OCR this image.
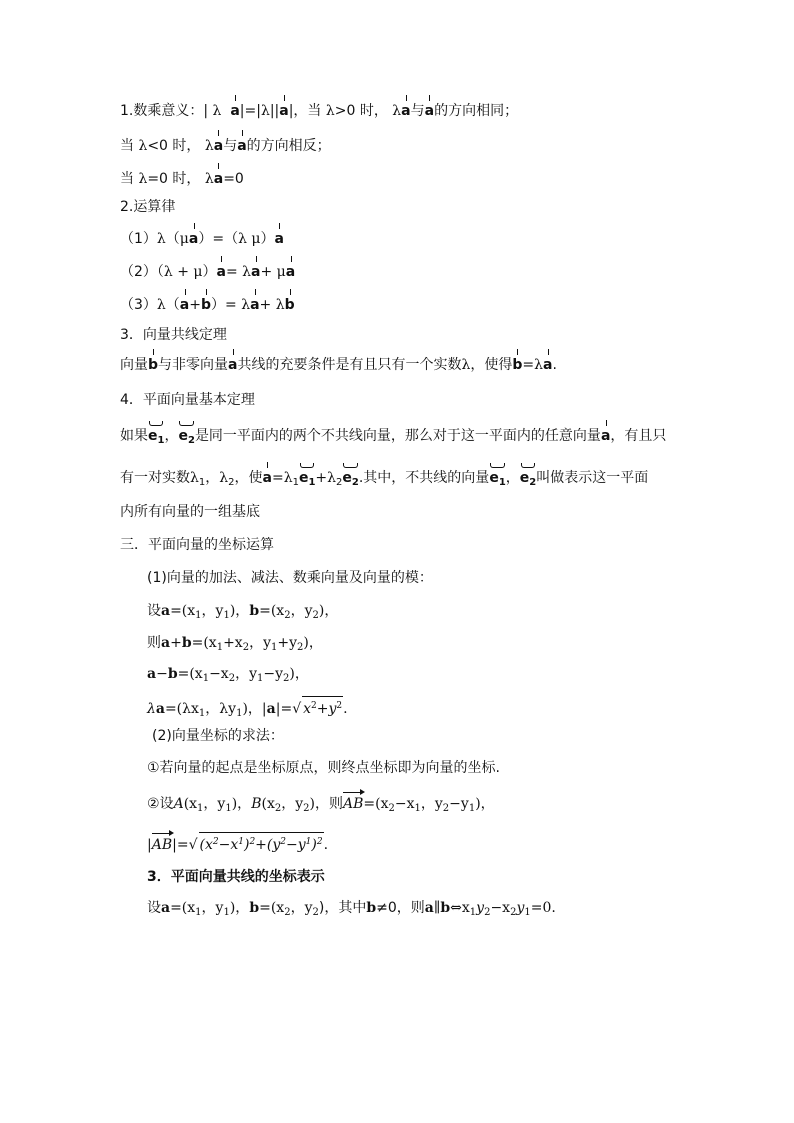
1.数乘意义：| λ a|=|λ||a|，当 λ>0 时， λa与a的方向相同；
当 λ<0 时， λa与a的方向相反；
当 λ=0 时， λa=0
2.运算律
（1）λ（μa）=（λ μ）a
（2）（λ + μ）a= λa+ μa
（3）λ（a+b）= λa+ λb
3．向量共线定理
向量b与非零向量a共线的充要条件是有且只有一个实数λ，使得b=λa.
4．平面向量基本定理
如果$e_1$，$e_2$是同一平面内的两个不共线向量，那么对于这一平面内的任意向量a，有且只
有一对实数$\lambda_1$，$\lambda_2$，使$a=\lambda_1e_1+\lambda_2e_2$.其中，不共线的向量$e_1$，$e_2$叫做表示这一平面
内所有向量的一组基底
三．平面向量的坐标运算
(1)向量的加法、减法、数乘向量及向量的模：
设$a=(x_1$，$y_1$)，$b=(x_2$，$y_2$)，
则$a+b=(x_1+x_2$，$y_1+y_2$)，
$a-b=(x_1-x_2$，$y_1-y_2$)，
$\lambda a=(\lambda x_1$，$\lambda y_1$)，|a|=√ $x^2+y^2$.
(2)向量坐标的求法：
①若向量的起点是坐标原点，则终点坐标即为向量的坐标.
②设$A(x_1$，$y_1$)，$B(x_2$，$y_2$)，则$AB=(x_2-x_1$，$y_2-y_1$)，
|AB|=√ $(x^2-x^1)^2+(y^2-y^1)^2$.
3．平面向量共线的坐标表示
设$a=(x_1$，$y_1$)，$b=(x_2$，$y_2$)，其中b≠0，则$a\parallel b\Leftrightarrow x_1y_2-x_2y_1=0$.
